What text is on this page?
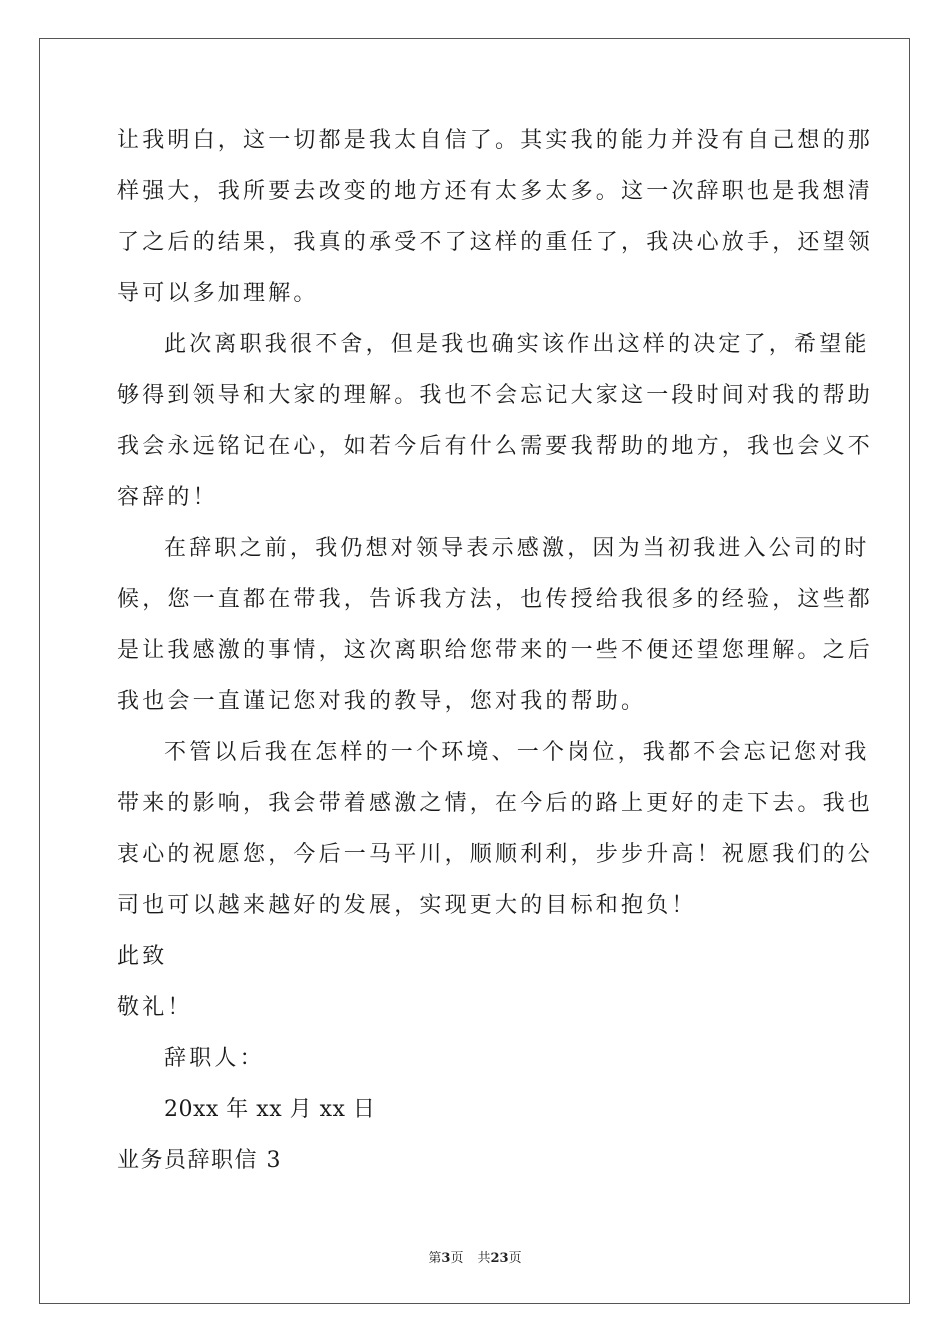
让我明白，这一切都是我太自信了。其实我的能力并没有自己想的那
样强大，我所要去改变的地方还有太多太多。这一次辞职也是我想清
了之后的结果，我真的承受不了这样的重任了，我决心放手，还望领
导可以多加理解。
此次离职我很不舍，但是我也确实该作出这样的决定了，希望能
够得到领导和大家的理解。我也不会忘记大家这一段时间对我的帮助
我会永远铭记在心，如若今后有什么需要我帮助的地方，我也会义不
容辞的！
在辞职之前，我仍想对领导表示感激，因为当初我进入公司的时
候，您一直都在带我，告诉我方法，也传授给我很多的经验，这些都
是让我感激的事情，这次离职给您带来的一些不便还望您理解。之后
我也会一直谨记您对我的教导，您对我的帮助。
不管以后我在怎样的一个环境、一个岗位，我都不会忘记您对我
带来的影响，我会带着感激之情，在今后的路上更好的走下去。我也
衷心的祝愿您，今后一马平川，顺顺利利，步步升高！祝愿我们的公
司也可以越来越好的发展，实现更大的目标和抱负！
此致
敬礼！
辞职人：
20xx 年 xx 月 xx 日
业务员辞职信 3
第3页 共23页
